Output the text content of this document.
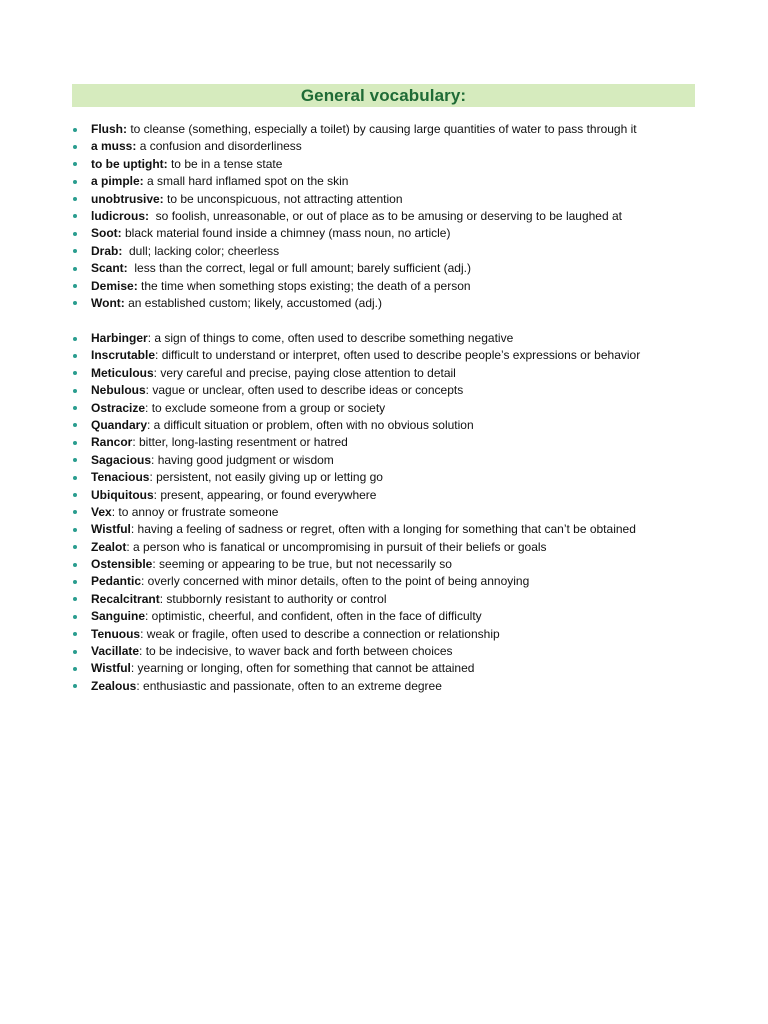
General vocabulary:
Flush: to cleanse (something, especially a toilet) by causing large quantities of water to pass through it
a muss: a confusion and disorderliness
to be uptight: to be in a tense state
a pimple: a small hard inflamed spot on the skin
unobtrusive: to be unconspicuous, not attracting attention
ludicrous:  so foolish, unreasonable, or out of place as to be amusing or deserving to be laughed at
Soot: black material found inside a chimney (mass noun, no article)
Drab:  dull; lacking color; cheerless
Scant:  less than the correct, legal or full amount; barely sufficient (adj.)
Demise: the time when something stops existing; the death of a person
Wont: an established custom; likely, accustomed (adj.)
Harbinger: a sign of things to come, often used to describe something negative
Inscrutable: difficult to understand or interpret, often used to describe people’s expressions or behavior
Meticulous: very careful and precise, paying close attention to detail
Nebulous: vague or unclear, often used to describe ideas or concepts
Ostracize: to exclude someone from a group or society
Quandary: a difficult situation or problem, often with no obvious solution
Rancor: bitter, long-lasting resentment or hatred
Sagacious: having good judgment or wisdom
Tenacious: persistent, not easily giving up or letting go
Ubiquitous: present, appearing, or found everywhere
Vex: to annoy or frustrate someone
Wistful: having a feeling of sadness or regret, often with a longing for something that can’t be obtained
Zealot: a person who is fanatical or uncompromising in pursuit of their beliefs or goals
Ostensible: seeming or appearing to be true, but not necessarily so
Pedantic: overly concerned with minor details, often to the point of being annoying
Recalcitrant: stubbornly resistant to authority or control
Sanguine: optimistic, cheerful, and confident, often in the face of difficulty
Tenuous: weak or fragile, often used to describe a connection or relationship
Vacillate: to be indecisive, to waver back and forth between choices
Wistful: yearning or longing, often for something that cannot be attained
Zealous: enthusiastic and passionate, often to an extreme degree
